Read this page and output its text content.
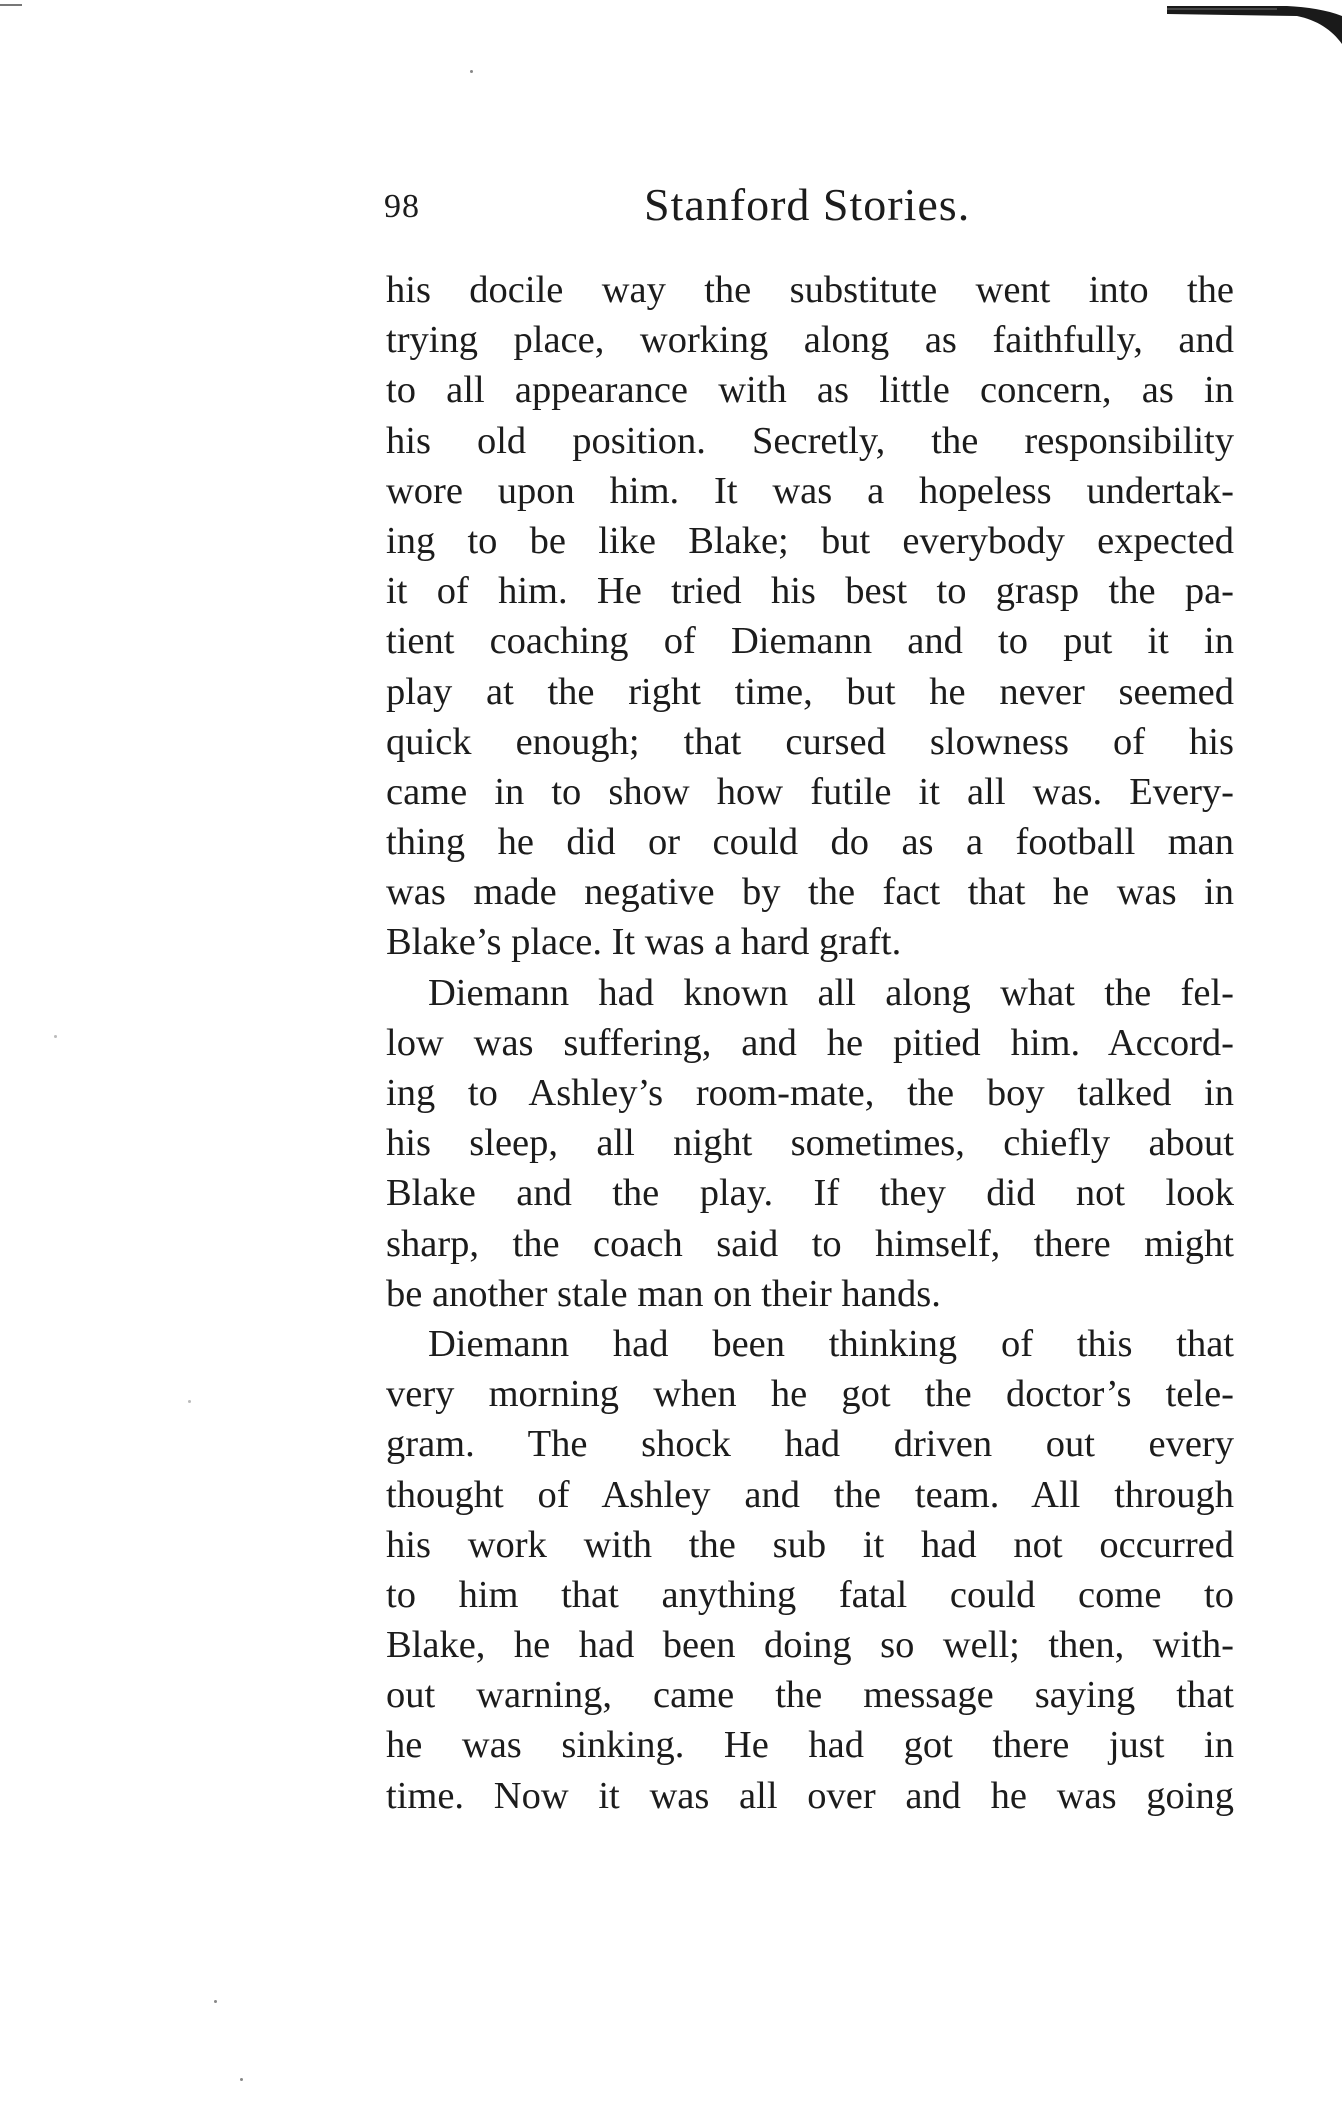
98	Stanford Stories.
his docile way the substitute went into the
trying place, working along as faithfully, and
to all appearance with as little concern, as in
his old position. Secretly, the responsibility
wore upon him. It was a hopeless undertak-
ing to be like Blake; but everybody expected
it of him. He tried his best to grasp the pa-
tient coaching of Diemann and to put it in
play at the right time, but he never seemed
quick enough; that cursed slowness of his
came in to show how futile it all was. Every-
thing he did or could do as a football man
was made negative by the fact that he was in
Blake’s place. It was a hard graft.
Diemann had known all along what the fel-
low was suffering, and he pitied him. Accord-
ing to Ashley’s room-mate, the boy talked in
his sleep, all night sometimes, chiefly about
Blake and the play. If they did not look
sharp, the coach said to himself, there might
be another stale man on their hands.
Diemann had been thinking of this that
very morning when he got the doctor’s tele-
gram. The shock had driven out every
thought of Ashley and the team. All through
his work with the sub it had not occurred
to him that anything fatal could come to
Blake, he had been doing so well; then, with-
out warning, came the message saying that
he was sinking. He had got there just in
time. Now it was all over and he was going
